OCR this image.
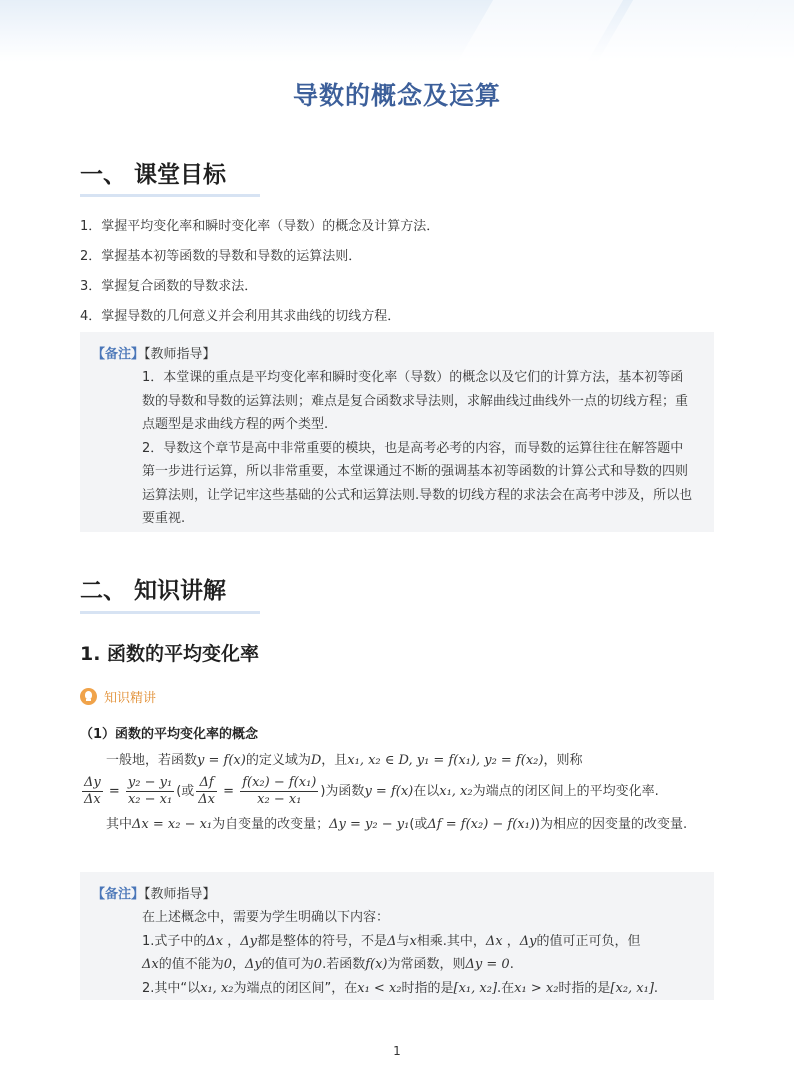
导数的概念及运算
一、 课堂目标
1．掌握平均变化率和瞬时变化率（导数）的概念及计算方法．
2．掌握基本初等函数的导数和导数的运算法则．
3．掌握复合函数的导数求法．
4．掌握导数的几何意义并会利用其求曲线的切线方程．
【备注】【教师指导】
1．本堂课的重点是平均变化率和瞬时变化率（导数）的概念以及它们的计算方法，基本初等函数的导数和导数的运算法则；难点是复合函数求导法则，求解曲线过曲线外一点的切线方程；重点题型是求曲线方程的两个类型.
2．导数这个章节是高中非常重要的模块，也是高考必考的内容，而导数的运算往往在解答题中第一步进行运算，所以非常重要，本堂课通过不断的强调基本初等函数的计算公式和导数的四则运算法则，让学记牢这些基础的公式和运算法则.导数的切线方程的求法会在高考中涉及，所以也要重视.
二、 知识讲解
1. 函数的平均变化率
知识精讲
（1）函数的平均变化率的概念
一般地，若函数y = f(x)的定义域为D，且x₁, x₂ ∈ D, y₁ = f(x₁), y₂ = f(x₂)，则称
$\frac{\Delta y}{\Delta x} = \frac{\text{y₂ − y₁}}{\text{x₂ − x₁}}$ (或 $\frac{\Delta f}{\Delta x} = \frac{\text{f(x₂) − f(x₁)}}{\text{x₂ − x₁}}$ )为函数y = f(x)在以x₁, x₂为端点的闭区间上的平均变化率.
其中Δx = x₂ − x₁为自变量的改变量；Δy = y₂ − y₁(或Δf = f(x₂) − f(x₁))为相应的因变量的改变量.
【备注】【教师指导】
在上述概念中，需要为学生明确以下内容：
1.式子中的Δx ，Δy都是整体的符号，不是Δ与x相乘.其中，Δx ，Δy的值可正可负，但
Δx的值不能为0，Δy的值可为0.若函数f(x)为常函数，则Δy = 0.
2.其中“以x₁, x₂为端点的闭区间”，在x₁ < x₂时指的是[x₁, x₂].在x₁ > x₂时指的是[x₂, x₁].
1
